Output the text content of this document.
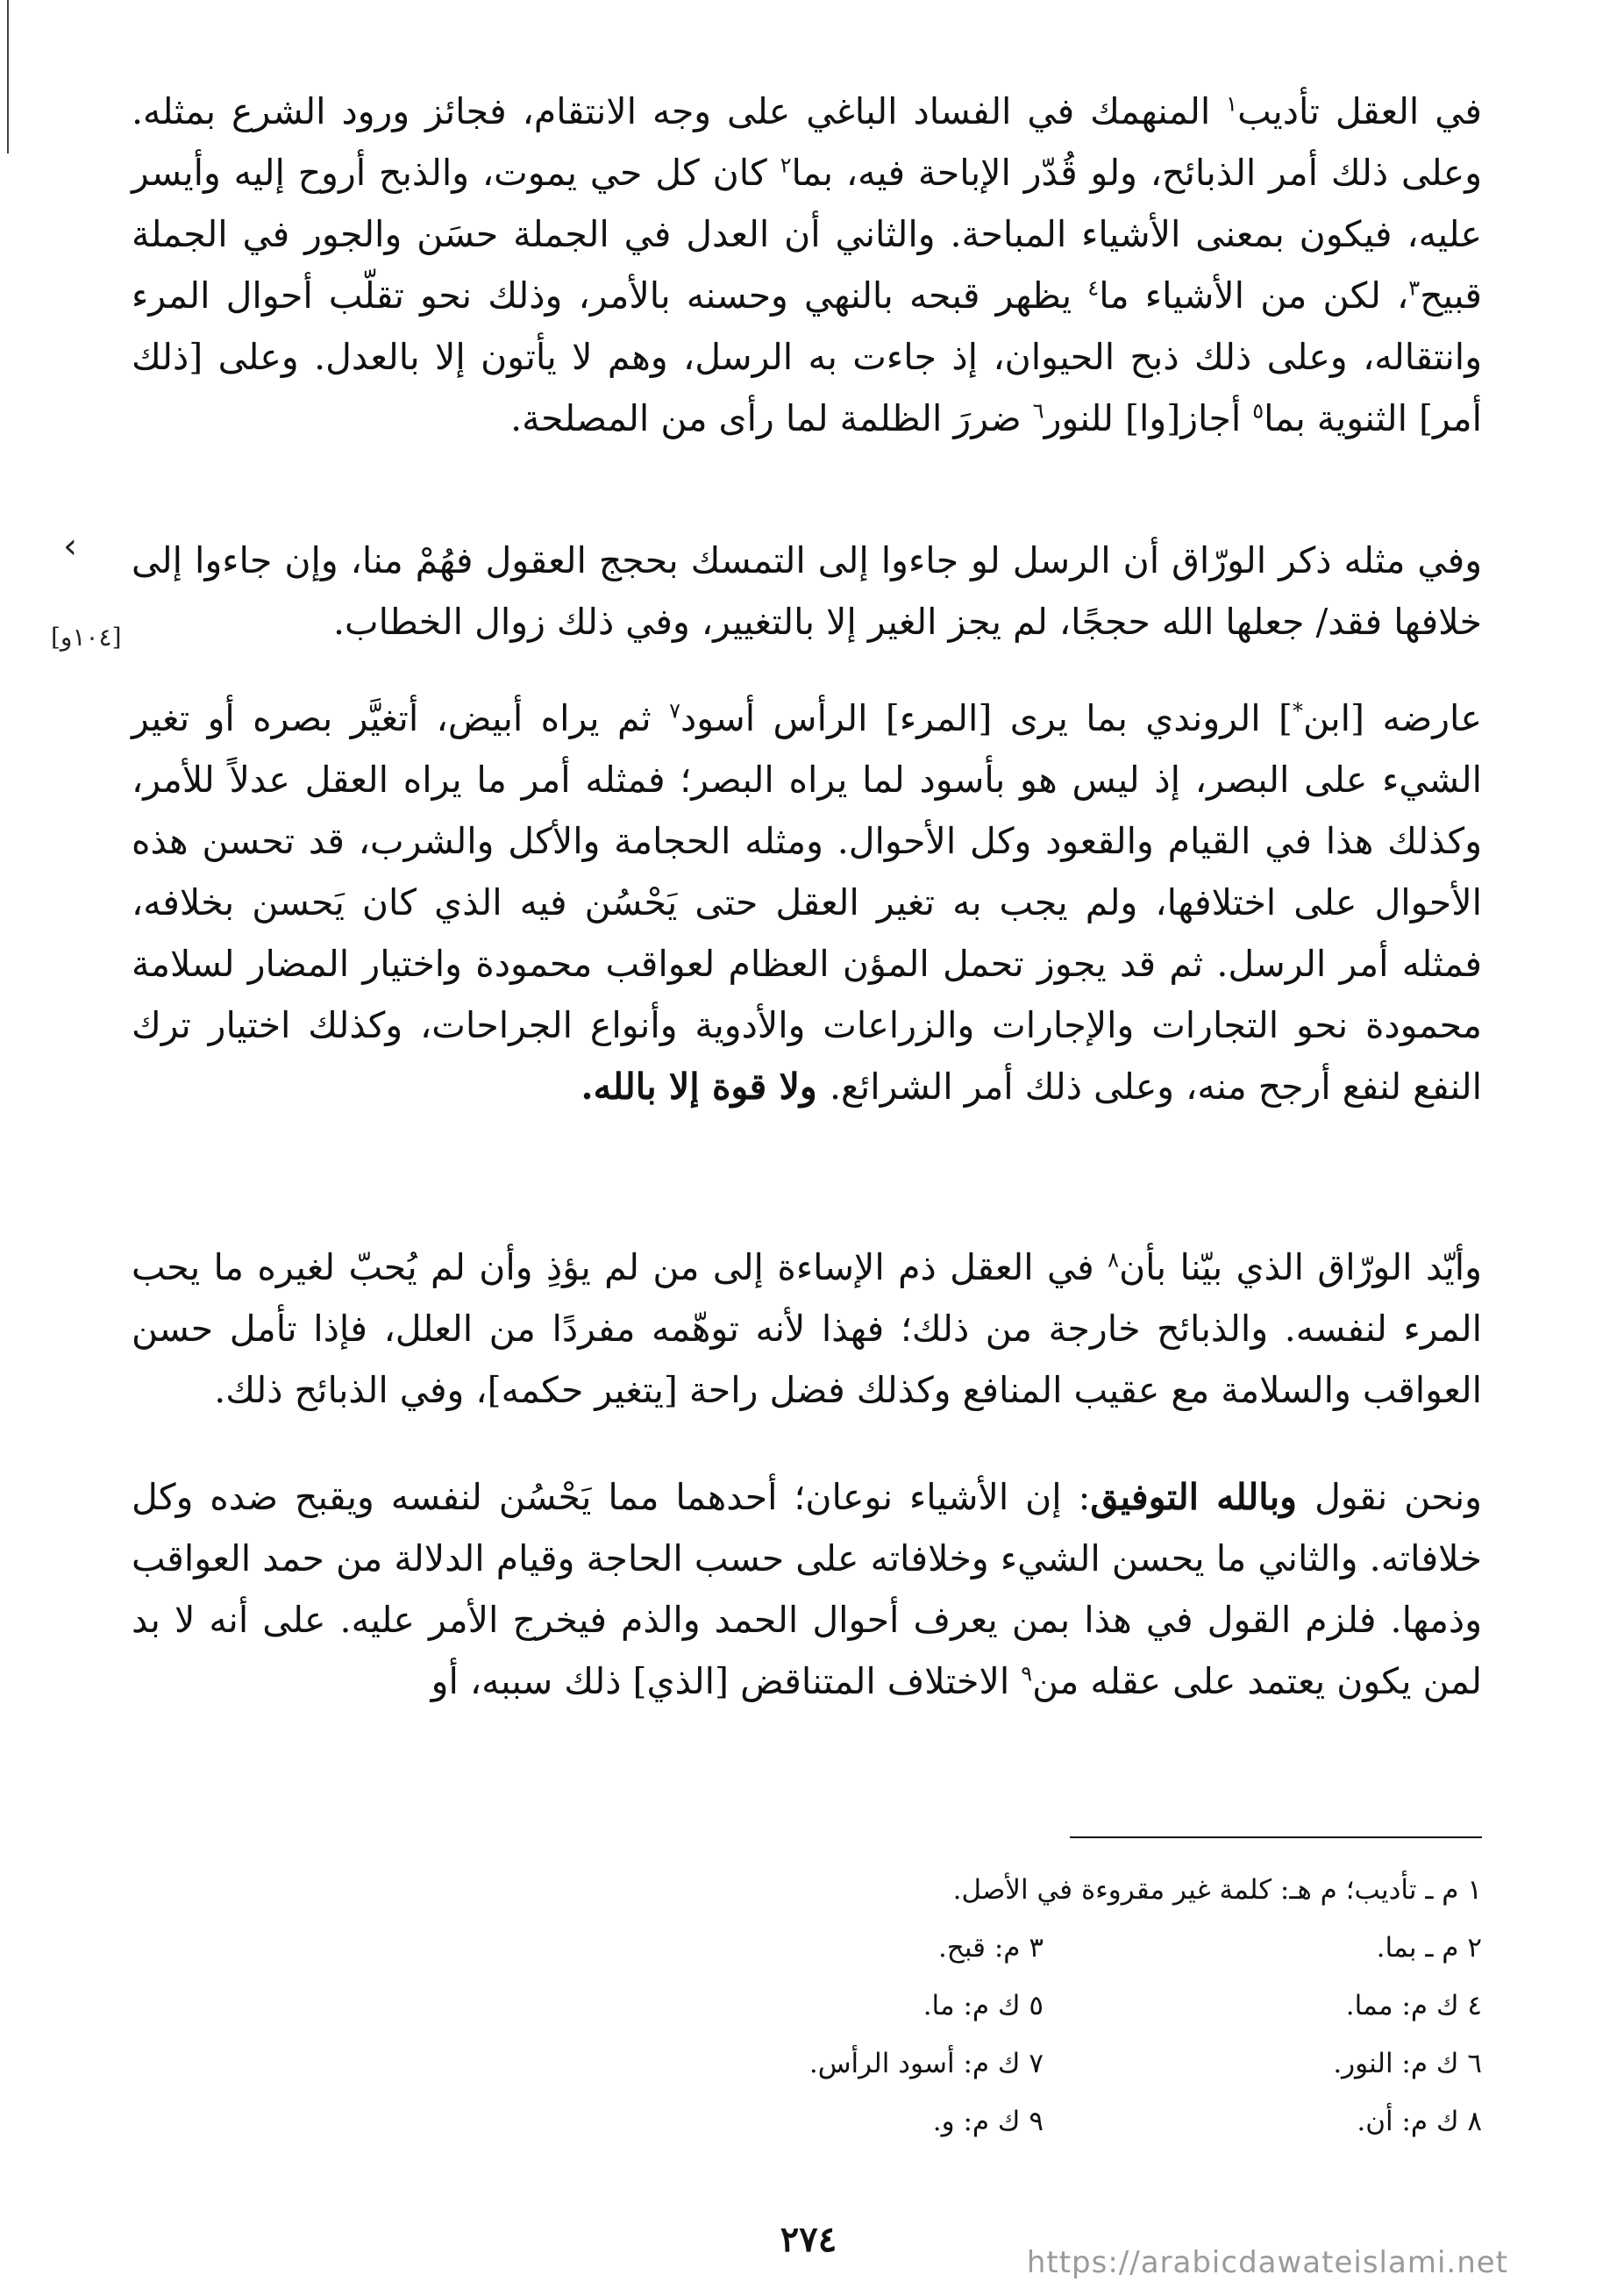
في العقل تأديب$^١$ المنهمك في الفساد الباغي على وجه الانتقام، فجائز ورود الشرع بمثله. وعلى ذلك أمر الذبائح، ولو قُدّر الإباحة فيه، بما$^٢$ كان كل حي يموت، والذبح أروح إليه وأيسر عليه، فيكون بمعنى الأشياء المباحة. والثاني أن العدل في الجملة حسَن والجور في الجملة قبيح$^٣$، لكن من الأشياء ما$^٤$ يظهر قبحه بالنهي وحسنه بالأمر، وذلك نحو تقلّب أحوال المرء وانتقاله، وعلى ذلك ذبح الحيوان، إذ جاءت به الرسل، وهم لا يأتون إلا بالعدل. وعلى [ذلك أمر] الثنوية بما$^٥$ أجاز[وا] للنور$^٦$ ضررَ الظلمة لما رأى من المصلحة.

‹
[١٠٤و]

وفي مثله ذكر الورّاق أن الرسل لو جاءوا إلى التمسك بحجج العقول فهُمْ منا، وإن جاءوا إلى خلافها فقد/ جعلها الله حججًا، لم يجز الغير إلا بالتغيير، وفي ذلك زوال الخطاب.

عارضه [ابن*] الروندي بما يرى [المرء] الرأس أسود$^٧$ ثم يراه أبيض، أتغيَّر بصره أو تغير الشيء على البصر، إذ ليس هو بأسود لما يراه البصر؛ فمثله أمر ما يراه العقل عدلاً للأمر، وكذلك هذا في القيام والقعود وكل الأحوال. ومثله الحجامة والأكل والشرب، قد تحسن هذه الأحوال على اختلافها، ولم يجب به تغير العقل حتى يَحْسُن فيه الذي كان يَحسن بخلافه، فمثله أمر الرسل. ثم قد يجوز تحمل المؤن العظام لعواقب محمودة واختيار المضار لسلامة محمودة نحو التجارات والإجارات والزراعات والأدوية وأنواع الجراحات، وكذلك اختيار ترك النفع لنفع أرجح منه، وعلى ذلك أمر الشرائع. ولا قوة إلا بالله.

وأيّد الورّاق الذي بيّنا بأن$^٨$ في العقل ذم الإساءة إلى من لم يؤذِ وأن لم يُحبّ لغيره ما يحب المرء لنفسه. والذبائح خارجة من ذلك؛ فهذا لأنه توهّمه مفردًا من العلل، فإذا تأمل حسن العواقب والسلامة مع عقيب المنافع وكذلك فضل راحة [يتغير حكمه]، وفي الذبائح ذلك.

ونحن نقول وبالله التوفيق: إن الأشياء نوعان؛ أحدهما مما يَحْسُن لنفسه ويقبح ضده وكل خلافاته. والثاني ما يحسن الشيء وخلافاته على حسب الحاجة وقيام الدلالة من حمد العواقب وذمها. فلزم القول في هذا بمن يعرف أحوال الحمد والذم فيخرج الأمر عليه. على أنه لا بد لمن يكون يعتمد على عقله من$^٩$ الاختلاف المتناقض [الذي] ذلك سببه، أو

١ م ـ تأديب؛ م هـ: كلمة غير مقروءة في الأصل.
٢ م ـ بما.
٣ م: قبح.
٤ ك م: مما.
٥ ك م: ما.
٦ ك م: النور.
٧ ك م: أسود الرأس.
٨ ك م: أن.
٩ ك م: و.
٢٧٤
https://arabicdawateislami.net
